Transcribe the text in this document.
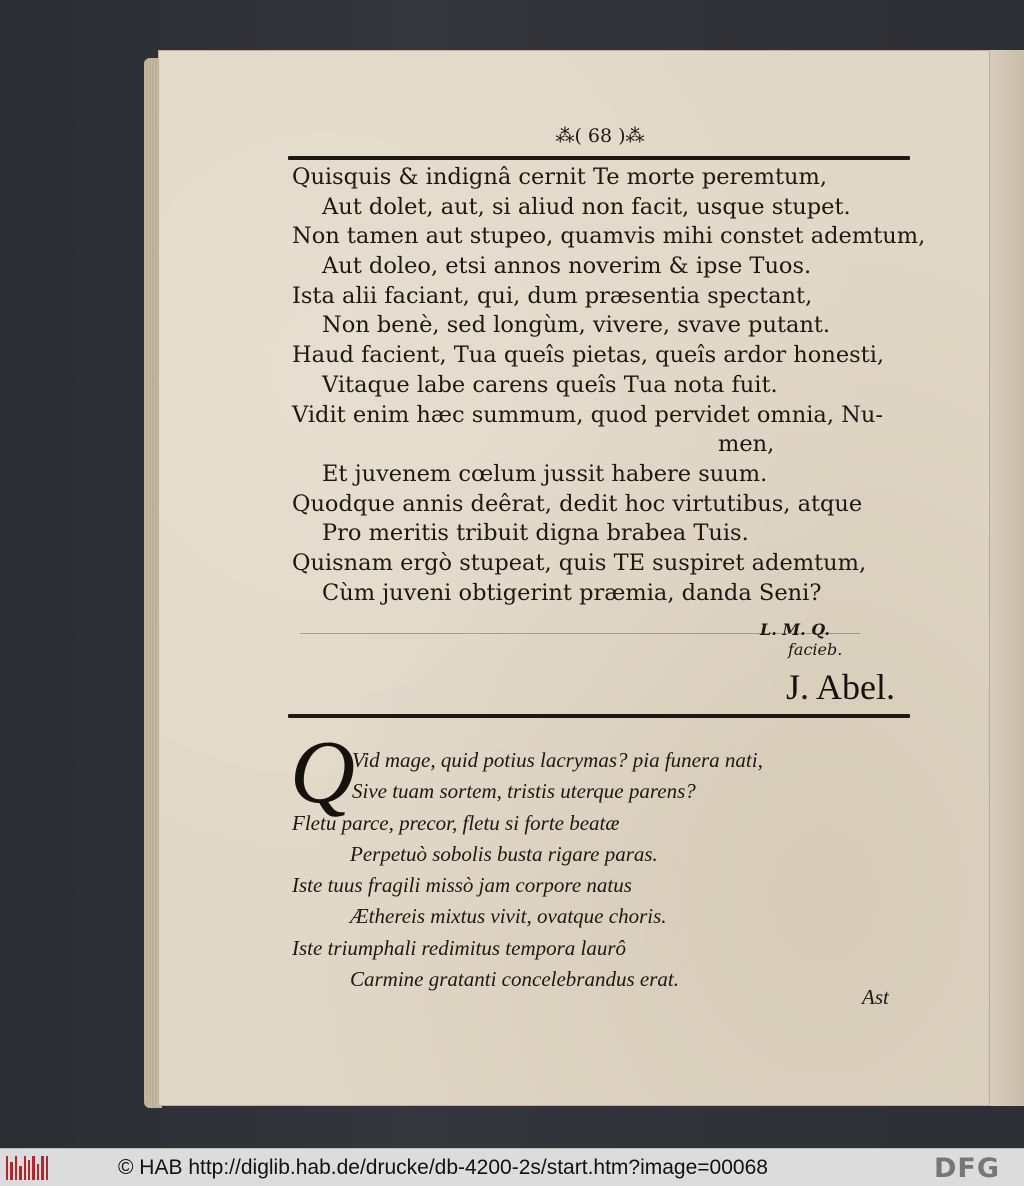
⁂( 68 )⁂
Quisquis & indignâ cernit Te morte peremtum,
Aut dolet, aut, si aliud non facit, usque stupet.
Non tamen aut stupeo, quamvis mihi constet ademtum,
Aut doleo, etsi annos noverim & ipse Tuos.
Ista alii faciant, qui, dum præsentia spectant,
Non benè, sed longùm, vivere, svave putant.
Haud facient, Tua queîs pietas, queîs ardor honesti,
Vitaque labe carens queîs Tua nota fuit.
Vidit enim hæc summum, quod pervidet omnia, Nu-
men,
Et juvenem cœlum jussit habere suum.
Quodque annis deêrat, dedit hoc virtutibus, atque
Pro meritis tribuit digna brabea Tuis.
Quisnam ergò stupeat, quis TE suspiret ademtum,
Cùm juveni obtigerint præmia, danda Seni?
L. M. Q.
facieb.
J. Abel.
Q
Vid mage, quid potius lacrymas? pia funera nati,
Sive tuam sortem, tristis uterque parens?
Fletu parce, precor, fletu si forte beatæ
Perpetuò sobolis busta rigare paras.
Iste tuus fragili missò jam corpore natus
Æthereis mixtus vivit, ovatque choris.
Iste triumphali redimitus tempora laurô
Carmine gratanti concelebrandus erat.
Ast
© HAB http://diglib.hab.de/drucke/db-4200-2s/start.htm?image=00068	DFG
